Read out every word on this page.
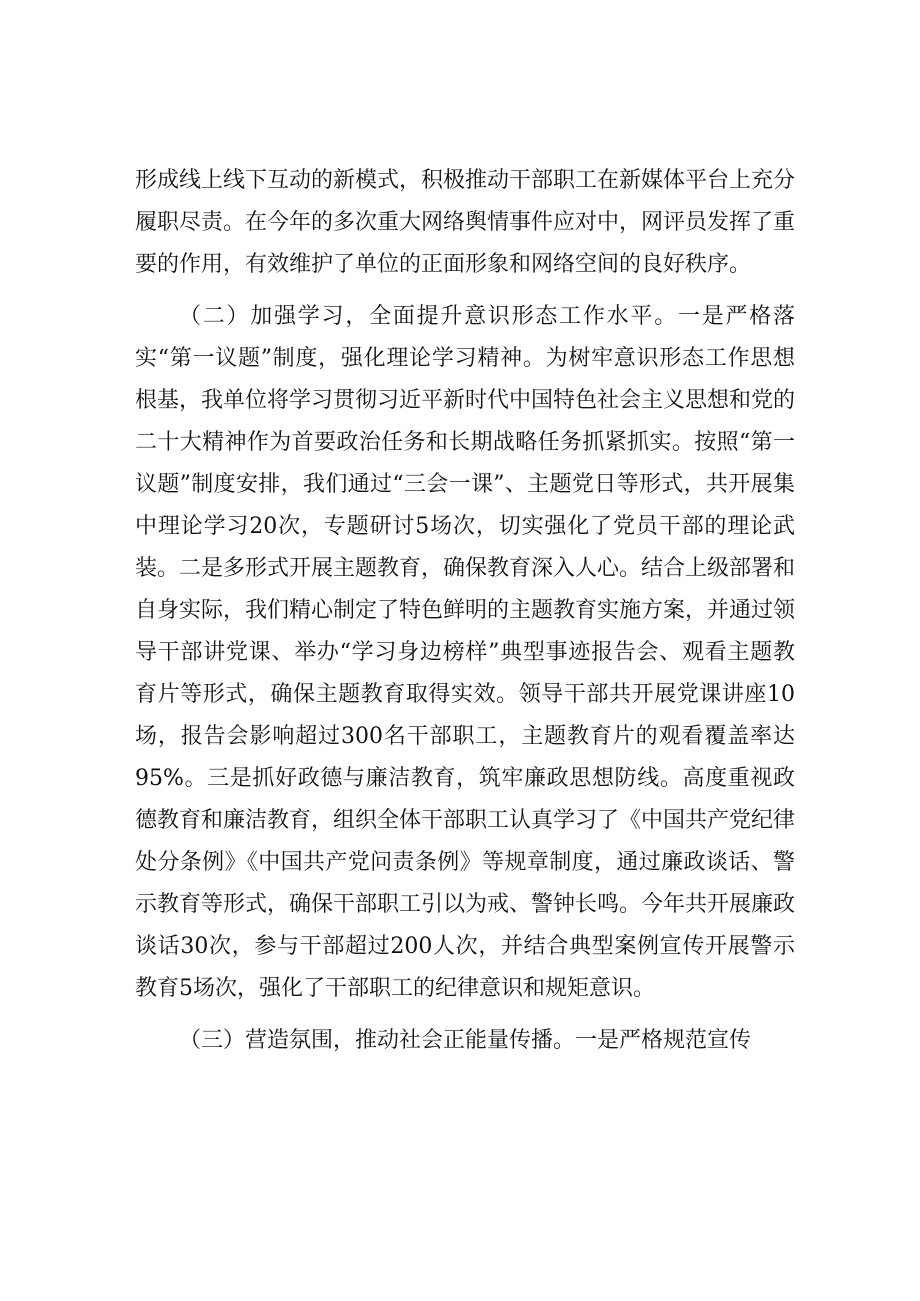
形成线上线下互动的新模式，积极推动干部职工在新媒体平台上充分履职尽责。在今年的多次重大网络舆情事件应对中，网评员发挥了重要的作用，有效维护了单位的正面形象和网络空间的良好秩序。

（二）加强学习，全面提升意识形态工作水平。一是严格落实“第一议题”制度，强化理论学习精神。为树牢意识形态工作思想根基，我单位将学习贯彻习近平新时代中国特色社会主义思想和党的二十大精神作为首要政治任务和长期战略任务抓紧抓实。按照“第一议题”制度安排，我们通过“三会一课”、主题党日等形式，共开展集中理论学习20次，专题研讨5场次，切实强化了党员干部的理论武装。二是多形式开展主题教育，确保教育深入人心。结合上级部署和自身实际，我们精心制定了特色鲜明的主题教育实施方案，并通过领导干部讲党课、举办“学习身边榜样”典型事迹报告会、观看主题教育片等形式，确保主题教育取得实效。领导干部共开展党课讲座10场，报告会影响超过300名干部职工，主题教育片的观看覆盖率达95%。三是抓好政德与廉洁教育，筑牢廉政思想防线。高度重视政德教育和廉洁教育，组织全体干部职工认真学习了《中国共产党纪律处分条例》《中国共产党问责条例》等规章制度，通过廉政谈话、警示教育等形式，确保干部职工引以为戒、警钟长鸣。今年共开展廉政谈话30次，参与干部超过200人次，并结合典型案例宣传开展警示教育5场次，强化了干部职工的纪律意识和规矩意识。

（三）营造氛围，推动社会正能量传播。一是严格规范宣传
